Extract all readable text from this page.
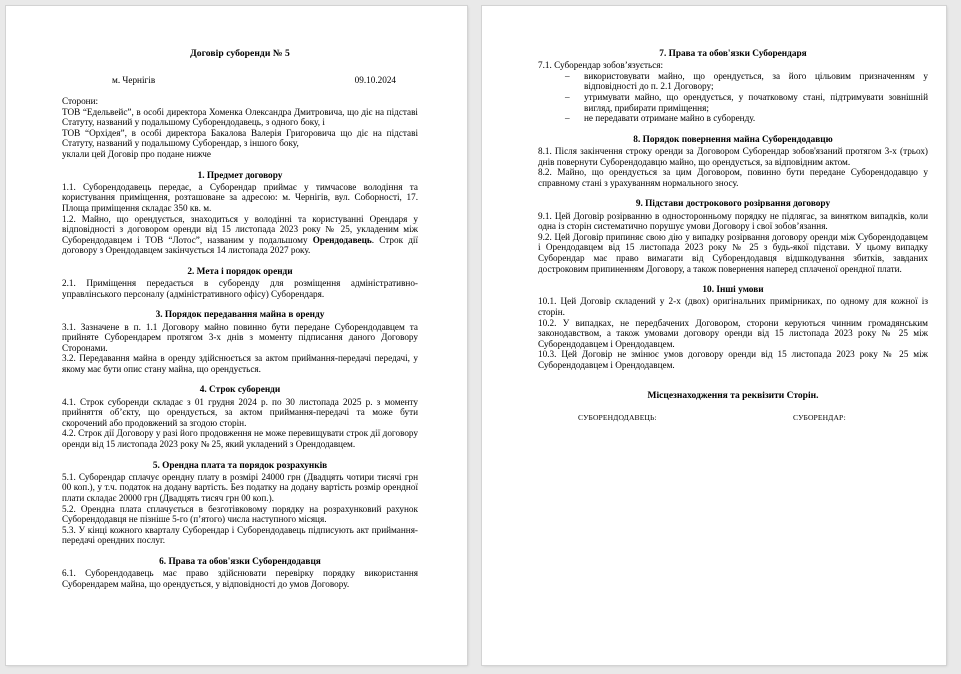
Договір суборенди № 5
м. Чернігів	09.10.2024

Сторони:

ТОВ “Едельвейс”, в особі директора Хоменка Олександра Дмитровича, що діє на підставі Статуту, названий у подальшому Суборендодавець, з одного боку, і

ТОВ “Орхідея”, в особі директора Бакалова Валерія Григоровича що діє на підставі Статуту, названий у подальшому Суборендар, з іншого боку,

уклали цей Договір про подане нижче

1. Предмет договору

1.1. Суборендодавець передає, а Суборендар приймає у тимчасове володіння та користування приміщення, розташоване за адресою: м. Чернігів, вул. Соборності, 17. Площа приміщення складає 350 кв. м.

1.2. Майно, що орендується, знаходиться у володінні та користуванні Орендаря у відповідності з договором оренди від 15 листопада 2023 року № 25, укладеним між Суборендодавцем і ТОВ “Лотос”, названим у подальшому Орендодавець. Строк дії договору з Орендодавцем закінчується 14 листопада 2027 року.

2. Мета і порядок оренди

2.1. Приміщення передається в суборенду для розміщення адміністративно-управлінського персоналу (адміністративного офісу) Суборендаря.

3. Порядок передавання майна в оренду

3.1. Зазначене в п. 1.1 Договору майно повинно бути передане Суборендодавцем та прийняте Суборендарем протягом 3-х днів з моменту підписання даного Договору Сторонами.

3.2. Передавання майна в оренду здійснюється за актом приймання-передачі передачі, у якому має бути опис стану майна, що орендується.

4. Строк суборенди

4.1. Строк суборенди складає з 01 грудня 2024 р. по 30 листопада 2025 р. з моменту прийняття об’єкту, що орендується, за актом приймання-передачі та може бути скорочений або продовжений за згодою сторін.

4.2. Строк дії Договору у разі його продовження не може перевищувати строк дії договору оренди від 15 листопада 2023 року № 25, який укладений з Орендодавцем.

5. Орендна плата та порядок розрахунків

5.1. Суборендар сплачує орендну плату в розмірі 24000 грн (Двадцять чотири тисячі грн 00 коп.), у т.ч. податок на додану вартість. Без податку на додану вартість розмір орендної плати складає 20000 грн (Двадцять тисяч грн 00 коп.).

5.2. Орендна плата сплачується в безготівковому порядку на розрахунковий рахунок Суборендодавця не пізніше 5-го (п’ятого) числа наступного місяця.

5.3. У кінці кожного кварталу Суборендар і Суборендодавець підписують акт приймання-передачі орендних послуг.

6. Права та обов'язки Суборендодавця

6.1. Суборендодавець має право здійснювати перевірку порядку використання Суборендарем майна, що орендується, у відповідності до умов Договору.

7. Права та обов'язки Суборендаря

7.1. Суборендар зобов’язується:

– використовувати майно, що орендується, за його цільовим призначенням у відповідності до п. 2.1 Договору;
– утримувати майно, що орендується, у початковому стані, підтримувати зовнішній вигляд, прибирати приміщення;
– не передавати отримане майно в суборенду.
8. Порядок повернення майна Суборендодавцю

8.1. Після закінчення строку оренди за Договором Суборендар зобов'язаний протягом 3-х (трьох) днів повернути Суборендодавцю майно, що орендується, за відповідним актом.

8.2. Майно, що орендується за цим Договором, повинно бути передане Суборендодавцю у справному стані з урахуванням нормального зносу.

9. Підстави дострокового розірвання договору

9.1. Цей Договір розірванню в односторонньому порядку не підлягає, за винятком випадків, коли одна із сторін систематично порушує умови Договору і свої зобов’язання.

9.2. Цей Договір припиняє свою дію у випадку розірвання договору оренди між Суборендодавцем і Орендодавцем від 15 листопада 2023 року № 25 з будь-якої підстави. У цьому випадку Суборендар має право вимагати від Суборендодавця відшкодування збитків, завданих достроковим припиненням Договору, а також повернення наперед сплаченої орендної плати.

10. Інші умови

10.1. Цей Договір складений у 2-х (двох) оригінальних примірниках, по одному для кожної із сторін.

10.2. У випадках, не передбачених Договором, сторони керуються чинним громадянським законодавством, а також умовами договору оренди від 15 листопада 2023 року № 25 між Суборендодавцем і Орендодавцем.

10.3. Цей Договір не змінює умов договору оренди від 15 листопада 2023 року № 25 між Суборендодавцем і Орендодавцем.

Місцезнаходження та реквізити Сторін.
СУБОРЕНДОДАВЕЦЬ:	СУБОРЕНДАР:
